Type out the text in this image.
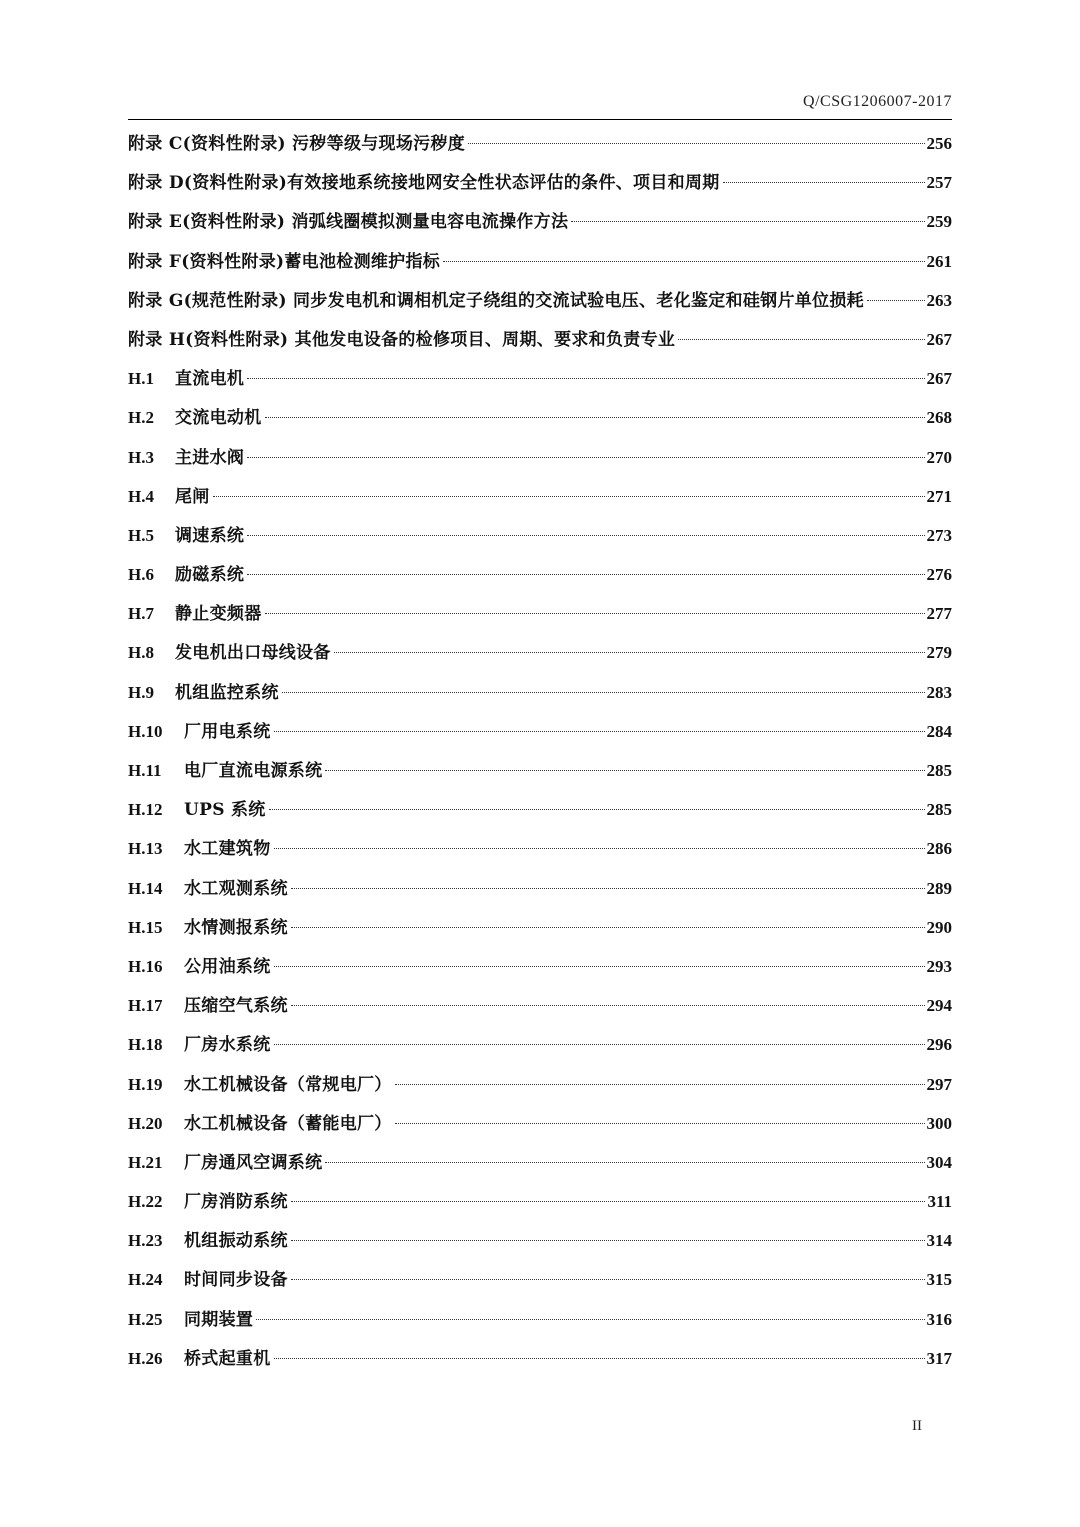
Q/CSG1206007-2017
附录 C(资料性附录) 污秽等级与现场污秽度	256
附录 D(资料性附录)有效接地系统接地网安全性状态评估的条件、项目和周期	257
附录 E(资料性附录) 消弧线圈模拟测量电容电流操作方法	259
附录 F(资料性附录)蓄电池检测维护指标	261
附录 G(规范性附录) 同步发电机和调相机定子绕组的交流试验电压、老化鉴定和硅钢片单位损耗	263
附录 H(资料性附录) 其他发电设备的检修项目、周期、要求和负责专业	267
H.1	直流电机	267
H.2	交流电动机	268
H.3	主进水阀	270
H.4	尾闸	271
H.5	调速系统	273
H.6	励磁系统	276
H.7	静止变频器	277
H.8	发电机出口母线设备	279
H.9	机组监控系统	283
H.10	厂用电系统	284
H.11	电厂直流电源系统	285
H.12	UPS 系统	285
H.13	水工建筑物	286
H.14	水工观测系统	289
H.15	水情测报系统	290
H.16	公用油系统	293
H.17	压缩空气系统	294
H.18	厂房水系统	296
H.19	水工机械设备（常规电厂）	297
H.20	水工机械设备（蓄能电厂）	300
H.21	厂房通风空调系统	304
H.22	厂房消防系统	311
H.23	机组振动系统	314
H.24	时间同步设备	315
H.25	同期装置	316
H.26	桥式起重机	317
II
